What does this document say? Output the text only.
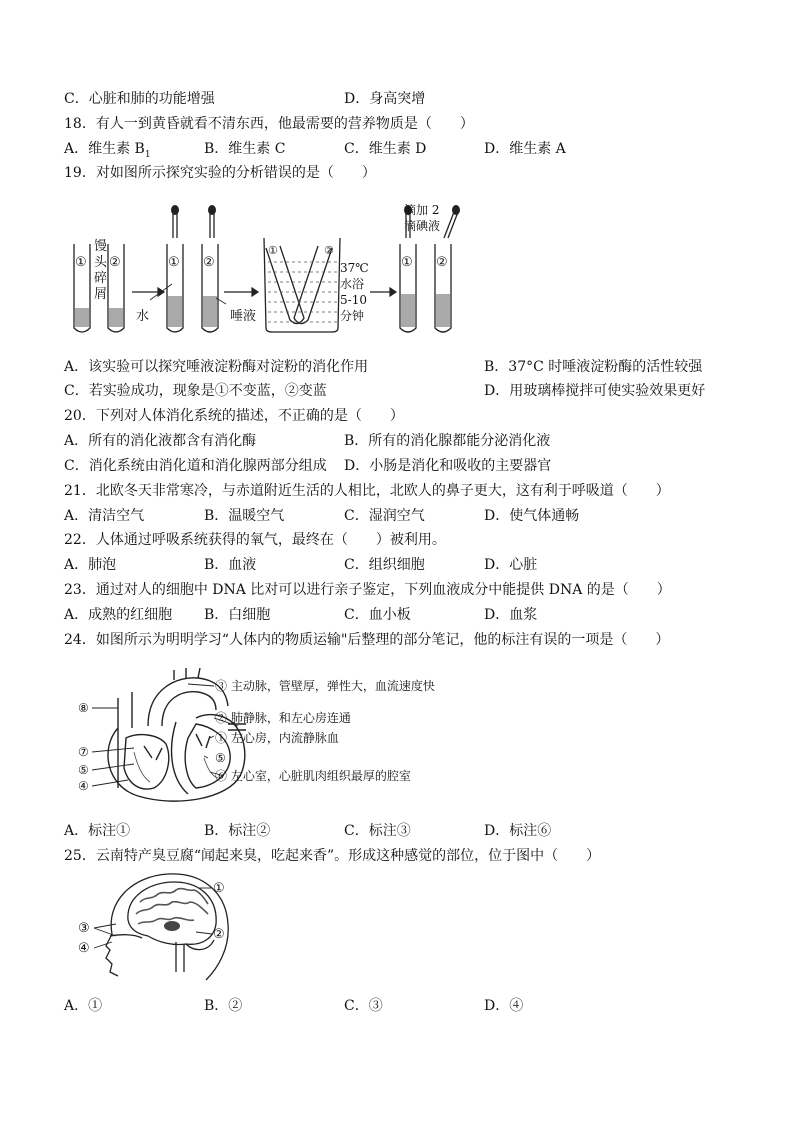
C．心脏和肺的功能增强	D．身高突增
18．有人一到黄昏就看不清东西，他最需要的营养物质是（　　）
A．维生素 $B_1$	B．维生素 C	C．维生素 D	D．维生素 A
19．对如图所示探究实验的分析错误的是（　　）
① ②	① ②
①	②
① ②
馒
头
碎
屑
水	唾液
37℃
水浴
5-10
分钟
滴加 2
滴碘液
A．该实验可以探究唾液淀粉酶对淀粉的消化作用	B．37°C 时唾液淀粉酶的活性较强
C．若实验成功，现象是①不变蓝，②变蓝	D．用玻璃棒搅拌可使实验效果更好
20．下列对人体消化系统的描述，不正确的是（　　）
A．所有的消化液都含有消化酶	B．所有的消化腺都能分泌消化液
C．消化系统由消化道和消化腺两部分组成 D．小肠是消化和吸收的主要器官
21．北欧冬天非常寒冷，与赤道附近生活的人相比，北欧人的鼻子更大，这有利于呼吸道（　　）
A．清洁空气	B．温暖空气	C．湿润空气	D．使气体通畅
22．人体通过呼吸系统获得的氧气，最终在（　　）被利用。
A．肺泡	B．血液	C．组织细胞	D．心脏
23．通过对人的细胞中 DNA 比对可以进行亲子鉴定，下列血液成分中能提供 DNA 的是（　　）
A．成熟的红细胞 B．白细胞	C．血小板	D．血浆
24．如图所示为明明学习“人体内的物质运输"后整理的部分笔记，他的标注有误的一项是（　　）
⑧
⑦
⑤
④
③ 主动脉，管壁厚，弹性大，血流速度快
② 肺静脉，和左心房连通
① 左心房，内流静脉血
⑤
⑥ 左心室，心脏肌肉组织最厚的腔室
A．标注①	B．标注②	C．标注③	D．标注⑥
25．云南特产臭豆腐“闻起来臭，吃起来香”。形成这种感觉的部位，位于图中（　　）
①
②
③
④
A．①	B．②	C．③	D．④
